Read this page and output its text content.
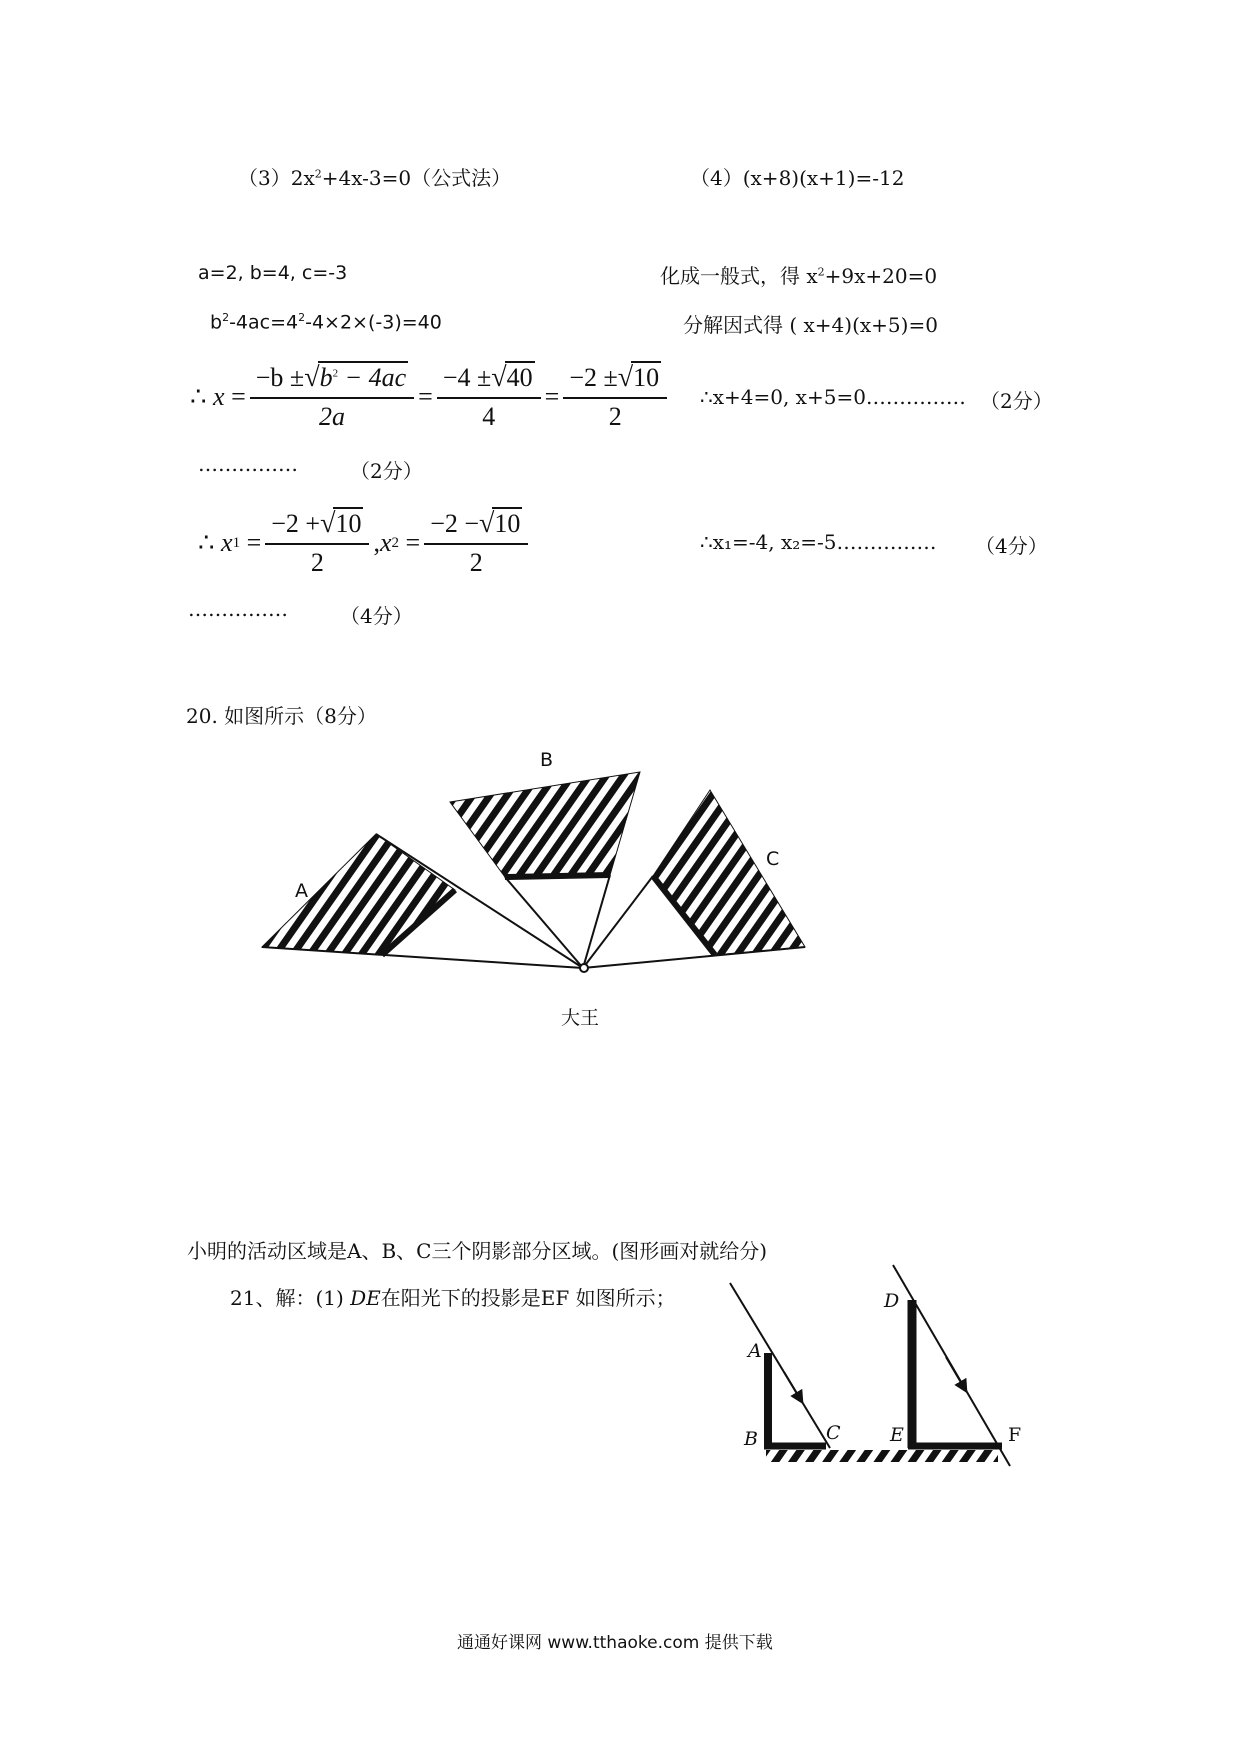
$(3)2x^2+4x-3=0$（公式法）	（4）(x+8)(x+1)=-12
a=2, b=4, c=-3	化成一般式，得 $x^2+9x+20=0$
$b^2-4ac=4^2-4\times 2\times(-3)=40$	分解因式得 ( x+4)(x+5)=0
∴
x
= $\frac{-b \pm√b^2 - 4ac}{2a} = \frac{-4 \pm√40}{4} = \frac{-2 \pm√10}{2}$ ∴x+4=0, x+5=0…………… （2分）
……………	（2分）
∴
x 1
= $\frac{-2 +√10}{2}$ , x 2
= $\frac{-2 -√10}{2}$	∴x₁=-4, x₂=-5…………… （4分）
……………	（4分）
20. 如图所示（8分）
B
A
C
大王
小明的活动区域是A、B、C三个阴影部分区域。(图形画对就给分)
21、解：(1) DE在阳光下的投影是EF 如图所示；
A
B	C
D
E	F
通通好课网 www.tthaoke.com 提供下载
